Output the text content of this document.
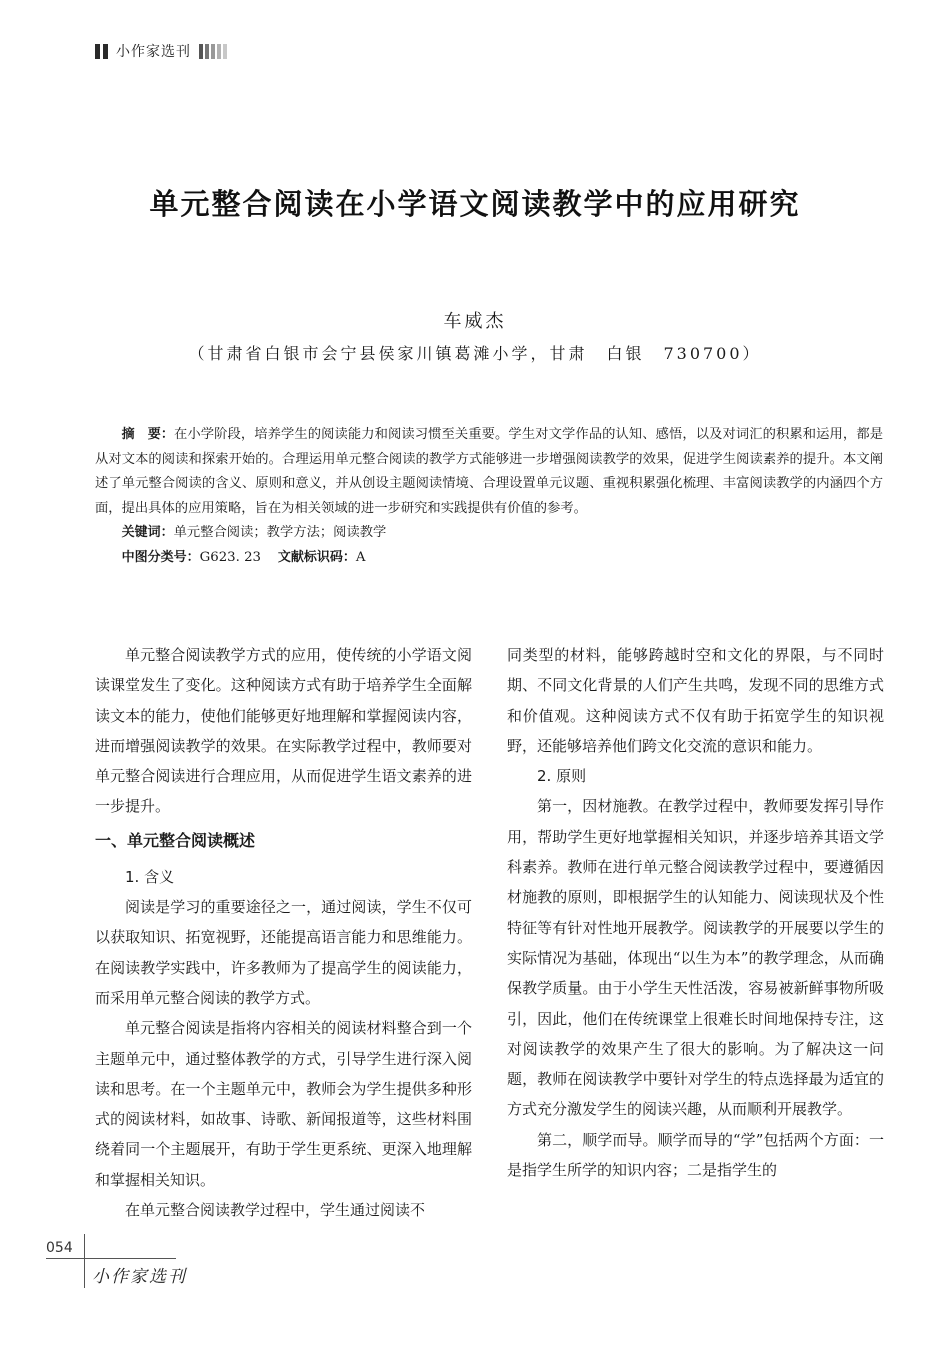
小作家选刊
单元整合阅读在小学语文阅读教学中的应用研究
车威杰
（甘肃省白银市会宁县侯家川镇葛滩小学，甘肃　白银　730700）

摘　要：在小学阶段，培养学生的阅读能力和阅读习惯至关重要。学生对文学作品的认知、感悟，以及对词汇的积累和运用，都是从对文本的阅读和探索开始的。合理运用单元整合阅读的教学方式能够进一步增强阅读教学的效果，促进学生阅读素养的提升。本文阐述了单元整合阅读的含义、原则和意义，并从创设主题阅读情境、合理设置单元议题、重视积累强化梳理、丰富阅读教学的内涵四个方面，提出具体的应用策略，旨在为相关领域的进一步研究和实践提供有价值的参考。

关键词：单元整合阅读；教学方法；阅读教学

中图分类号：G623. 23 文献标识码：A

单元整合阅读教学方式的应用，使传统的小学语文阅读课堂发生了变化。这种阅读方式有助于培养学生全面解读文本的能力，使他们能够更好地理解和掌握阅读内容，进而增强阅读教学的效果。在实际教学过程中，教师要对单元整合阅读进行合理应用，从而促进学生语文素养的进一步提升。

一、单元整合阅读概述
1. 含义

阅读是学习的重要途径之一，通过阅读，学生不仅可以获取知识、拓宽视野，还能提高语言能力和思维能力。在阅读教学实践中，许多教师为了提高学生的阅读能力，而采用单元整合阅读的教学方式。

单元整合阅读是指将内容相关的阅读材料整合到一个主题单元中，通过整体教学的方式，引导学生进行深入阅读和思考。在一个主题单元中，教师会为学生提供多种形式的阅读材料，如故事、诗歌、新闻报道等，这些材料围绕着同一个主题展开，有助于学生更系统、更深入地理解和掌握相关知识。

在单元整合阅读教学过程中，学生通过阅读不

同类型的材料，能够跨越时空和文化的界限，与不同时期、不同文化背景的人们产生共鸣，发现不同的思维方式和价值观。这种阅读方式不仅有助于拓宽学生的知识视野，还能够培养他们跨文化交流的意识和能力。

2. 原则

第一，因材施教。在教学过程中，教师要发挥引导作用，帮助学生更好地掌握相关知识，并逐步培养其语文学科素养。教师在进行单元整合阅读教学过程中，要遵循因材施教的原则，即根据学生的认知能力、阅读现状及个性特征等有针对性地开展教学。阅读教学的开展要以学生的实际情况为基础，体现出“以生为本”的教学理念，从而确保教学质量。由于小学生天性活泼，容易被新鲜事物所吸引，因此，他们在传统课堂上很难长时间地保持专注，这对阅读教学的效果产生了很大的影响。为了解决这一问题，教师在阅读教学中要针对学生的特点选择最为适宜的方式充分激发学生的阅读兴趣，从而顺利开展教学。

第二，顺学而导。顺学而导的“学”包括两个方面：一是指学生所学的知识内容；二是指学生的

054
小作家选刊
